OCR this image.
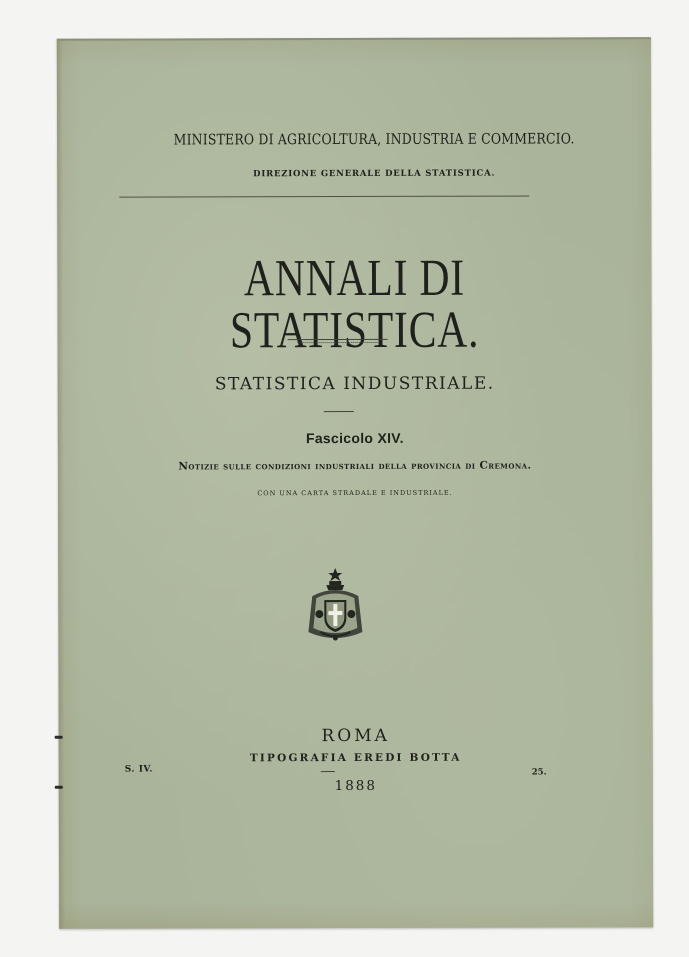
MINISTERO DI AGRICOLTURA, INDUSTRIA E COMMERCIO.
DIREZIONE GENERALE DELLA STATISTICA.
ANNALI DI STATISTICA.
STATISTICA INDUSTRIALE.
Fascicolo XIV.
Notizie sulle condizioni industriali della provincia di Cremona.
CON UNA CARTA STRADALE E INDUSTRIALE.
ROMA
TIPOGRAFIA EREDI BOTTA
1888
S. IV.	25.
